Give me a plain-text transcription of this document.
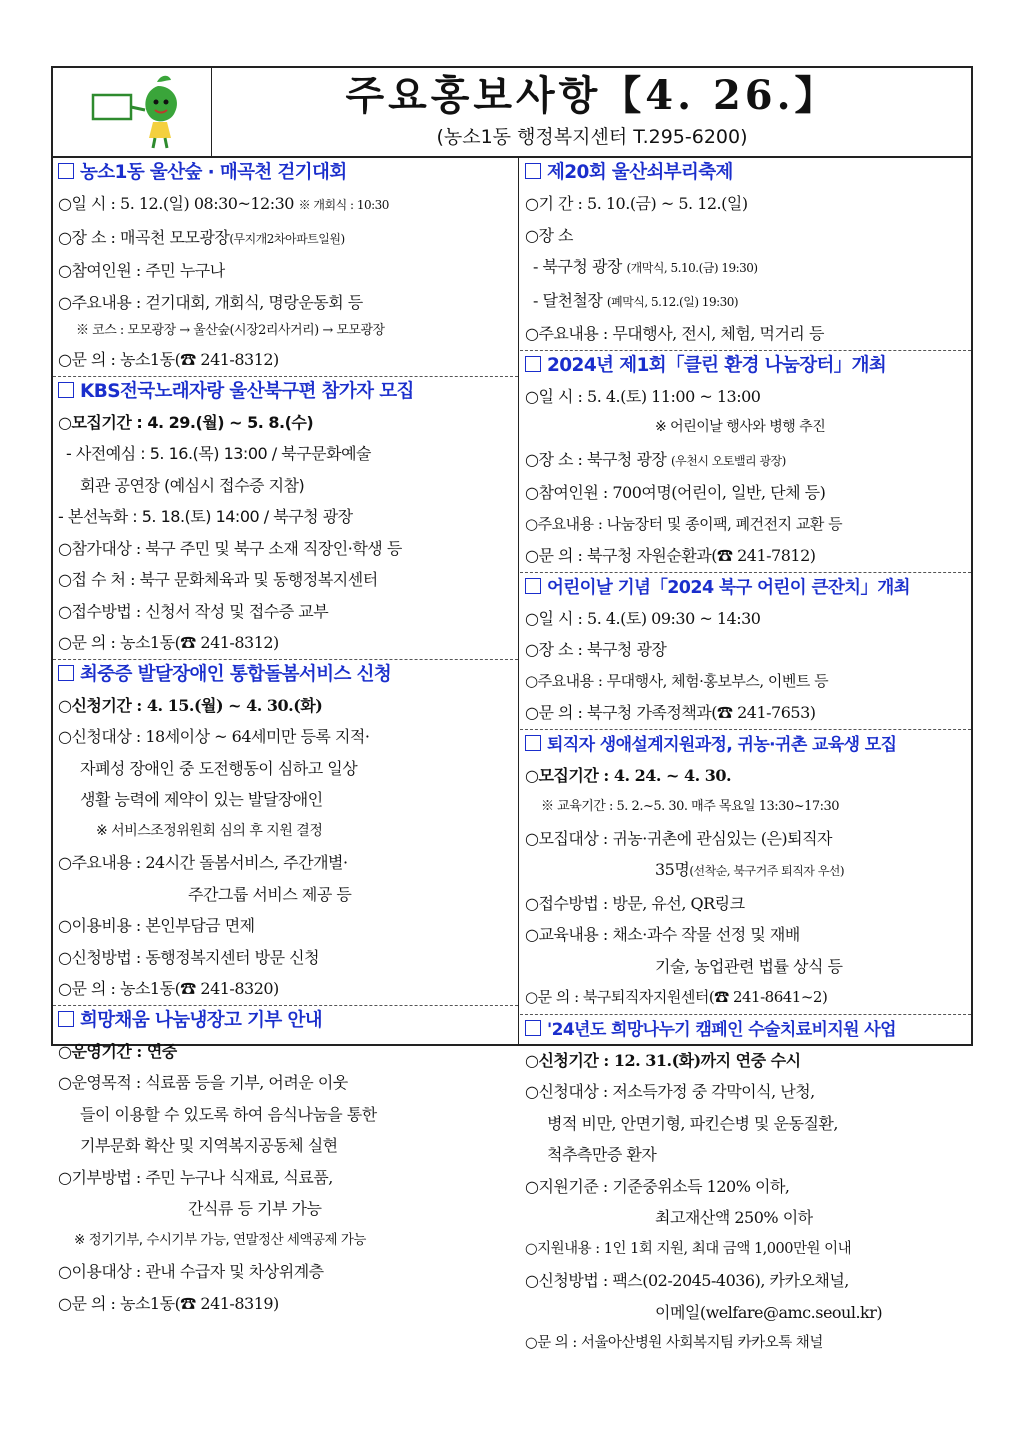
주요홍보사항【4. 26.】
(농소1동 행정복지센터 T.295-6200)
농소1동 울산숲 · 매곡천 걷기대회
○일 시 : 5. 12.(일) 08:30~12:30 ※ 개회식 : 10:30
○장 소 : 매곡천 모모광장(무지개2차아파트일원)
○참여인원 : 주민 누구나
○주요내용 : 걷기대회, 개회식, 명랑운동회 등
※ 코스 : 모모광장 → 울산숲(시장2리사거리) → 모모광장
○문 의 : 농소1동(☎ 241-8312)
KBS전국노래자랑 울산북구편 참가자 모집
○모집기간 : 4. 29.(월) ~ 5. 8.(수)
- 사전예심 : 5. 16.(목) 13:00 / 북구문화예술
회관 공연장 (예심시 접수증 지참)
- 본선녹화 : 5. 18.(토) 14:00 / 북구청 광장
○참가대상 : 북구 주민 및 북구 소재 직장인·학생 등
○접 수 처 : 북구 문화체육과 및 동행정복지센터
○접수방법 : 신청서 작성 및 접수증 교부
○문 의 : 농소1동(☎ 241-8312)
최중증 발달장애인 통합돌봄서비스 신청
○신청기간 : 4. 15.(월) ~ 4. 30.(화)
○신청대상 : 18세이상 ~ 64세미만 등록 지적·
자폐성 장애인 중 도전행동이 심하고 일상
생활 능력에 제약이 있는 발달장애인
※ 서비스조정위원회 심의 후 지원 결정
○주요내용 : 24시간 돌봄서비스, 주간개별·
주간그룹 서비스 제공 등
○이용비용 : 본인부담금 면제
○신청방법 : 동행정복지센터 방문 신청
○문 의 : 농소1동(☎ 241-8320)
희망채움 나눔냉장고 기부 안내
○운영기간 : 연중
○운영목적 : 식료품 등을 기부, 어려운 이웃
들이 이용할 수 있도록 하여 음식나눔을 통한
기부문화 확산 및 지역복지공동체 실현
○기부방법 : 주민 누구나 식재료, 식료품,
간식류 등 기부 가능
※ 정기기부, 수시기부 가능, 연말정산 세액공제 가능
○이용대상 : 관내 수급자 및 차상위계층
○문 의 : 농소1동(☎ 241-8319)
제20회 울산쇠부리축제
○기 간 : 5. 10.(금) ~ 5. 12.(일)
○장 소
- 북구청 광장 (개막식, 5.10.(금) 19:30)
- 달천철장 (폐막식, 5.12.(일) 19:30)
○주요내용 : 무대행사, 전시, 체험, 먹거리 등
2024년 제1회「클린 환경 나눔장터」개최
○일 시 : 5. 4.(토) 11:00 ~ 13:00
※ 어린이날 행사와 병행 추진
○장 소 : 북구청 광장 (우천시 오토밸리 광장)
○참여인원 : 700여명(어린이, 일반, 단체 등)
○주요내용 : 나눔장터 및 종이팩, 폐건전지 교환 등
○문 의 : 북구청 자원순환과(☎ 241-7812)
어린이날 기념「2024 북구 어린이 큰잔치」개최
○일 시 : 5. 4.(토) 09:30 ~ 14:30
○장 소 : 북구청 광장
○주요내용 : 무대행사, 체험·홍보부스, 이벤트 등
○문 의 : 북구청 가족정책과(☎ 241-7653)
퇴직자 생애설계지원과정, 귀농·귀촌 교육생 모집
○모집기간 : 4. 24. ~ 4. 30.
※ 교육기간 : 5. 2.~5. 30. 매주 목요일 13:30~17:30
○모집대상 : 귀농·귀촌에 관심있는 (은)퇴직자
35명(선착순, 북구거주 퇴직자 우선)
○접수방법 : 방문, 유선, QR링크
○교육내용 : 채소·과수 작물 선정 및 재배
기술, 농업관련 법률 상식 등
○문 의 : 북구퇴직자지원센터(☎ 241-8641~2)
'24년도 희망나누기 캠페인 수술치료비지원 사업
○신청기간 : 12. 31.(화)까지 연중 수시
○신청대상 : 저소득가정 중 각막이식, 난청,
병적 비만, 안면기형, 파킨슨병 및 운동질환,
척추측만증 환자
○지원기준 : 기준중위소득 120% 이하,
최고재산액 250% 이하
○지원내용 : 1인 1회 지원, 최대 금액 1,000만원 이내
○신청방법 : 팩스(02-2045-4036), 카카오채널,
이메일(welfare@amc.seoul.kr)
○문 의 : 서울아산병원 사회복지팀 카카오톡 채널
